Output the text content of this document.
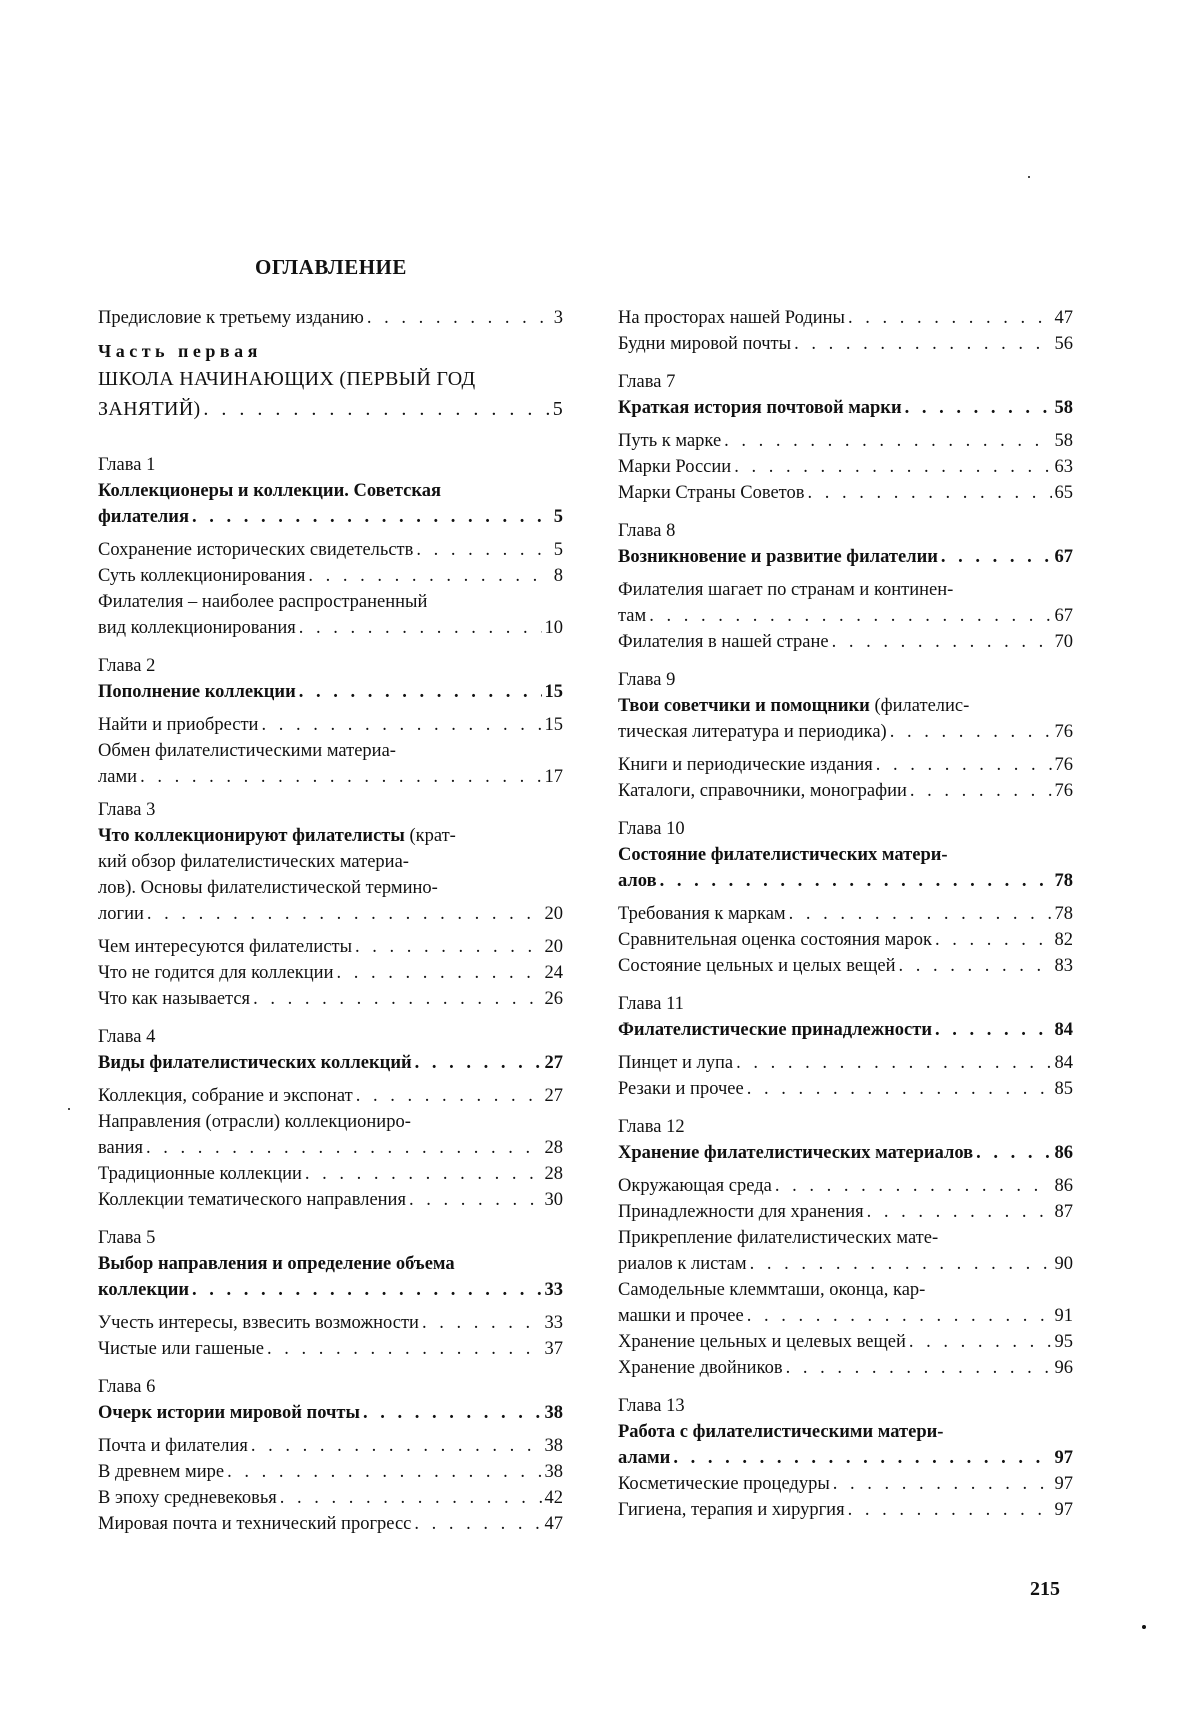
ОГЛАВЛЕНИЕ
Предисловие к третьему изданию
. . .	3
Часть первая
ШКОЛА НАЧИНАЮЩИХ (ПЕРВЫЙ ГОД
ЗАНЯТИЙ)
. . .	5
Глава 1
Коллекционеры и коллекции. Советская
филателия
. . .	5
Сохранение исторических свидетельств
. . .	5
Суть коллекционирования
. . .	8
Филателия – наиболее распространенный
вид коллекционирования
. . .	10
Глава 2
Пополнение коллекции
. . .	15
Найти и приобрести
. . .	15
Обмен филателистическими материа-
лами
. . .	17
Глава 3
Что коллекционируют филателисты (крат-
кий обзор филателистических материа-
лов). Основы филателистической термино-
логии
. . .	20
Чем интересуются филателисты
. . .	20
Что не годится для коллекции
. . .	24
Что как называется
. . .	26
Глава 4
Виды филателистических коллекций
. . .	27
Коллекция, собрание и экспонат
. . .	27
Направления (отрасли) коллекциониро-
вания
. . .	28
Традиционные коллекции
. . .	28
Коллекции тематического направления
. . .	30
Глава 5
Выбор направления и определение объема
коллекции
. . .	33
Учесть интересы, взвесить возможности
. . .	33
Чистые или гашеные
. . .	37
Глава 6
Очерк истории мировой почты
. . .	38
Почта и филателия
. . .	38
В древнем мире
. . .	38
В эпоху средневековья
. . .	42
Мировая почта и технический прогресс
. . .	47
На просторах нашей Родины
. . .	47
Будни мировой почты
. . .	56
Глава 7
Краткая история почтовой марки
. . .	58
Путь к марке
. . .	58
Марки России
. . .	63
Марки Страны Советов
. . .	65
Глава 8
Возникновение и развитие филателии
. . .	67
Филателия шагает по странам и континен-
там
. . .	67
Филателия в нашей стране
. . .	70
Глава 9
Твои советчики и помощники (филателис-
тическая литература и периодика)
. . .	76
Книги и периодические издания
. . .	76
Каталоги, справочники, монографии
. . .	76
Глава 10
Состояние филателистических матери-
алов
. . .	78
Требования к маркам
. . .	78
Сравнительная оценка состояния марок
. . .	82
Состояние цельных и целых вещей
. . .	83
Глава 11
Филателистические принадлежности
. . .	84
Пинцет и лупа
. . .	84
Резаки и прочее
. . .	85
Глава 12
Хранение филателистических материалов
. . .	86
Окружающая среда
. . .	86
Принадлежности для хранения
. . .	87
Прикрепление филателистических мате-
риалов к листам
. . .	90
Самодельные клеммташи, оконца, кар-
машки и прочее
. . .	91
Хранение цельных и целевых вещей
. . .	95
Хранение двойников
. . .	96
Глава 13
Работа с филателистическими матери-
алами
. . .	97
Косметические процедуры
. . .	97
Гигиена, терапия и хирургия
. . .	97
215
